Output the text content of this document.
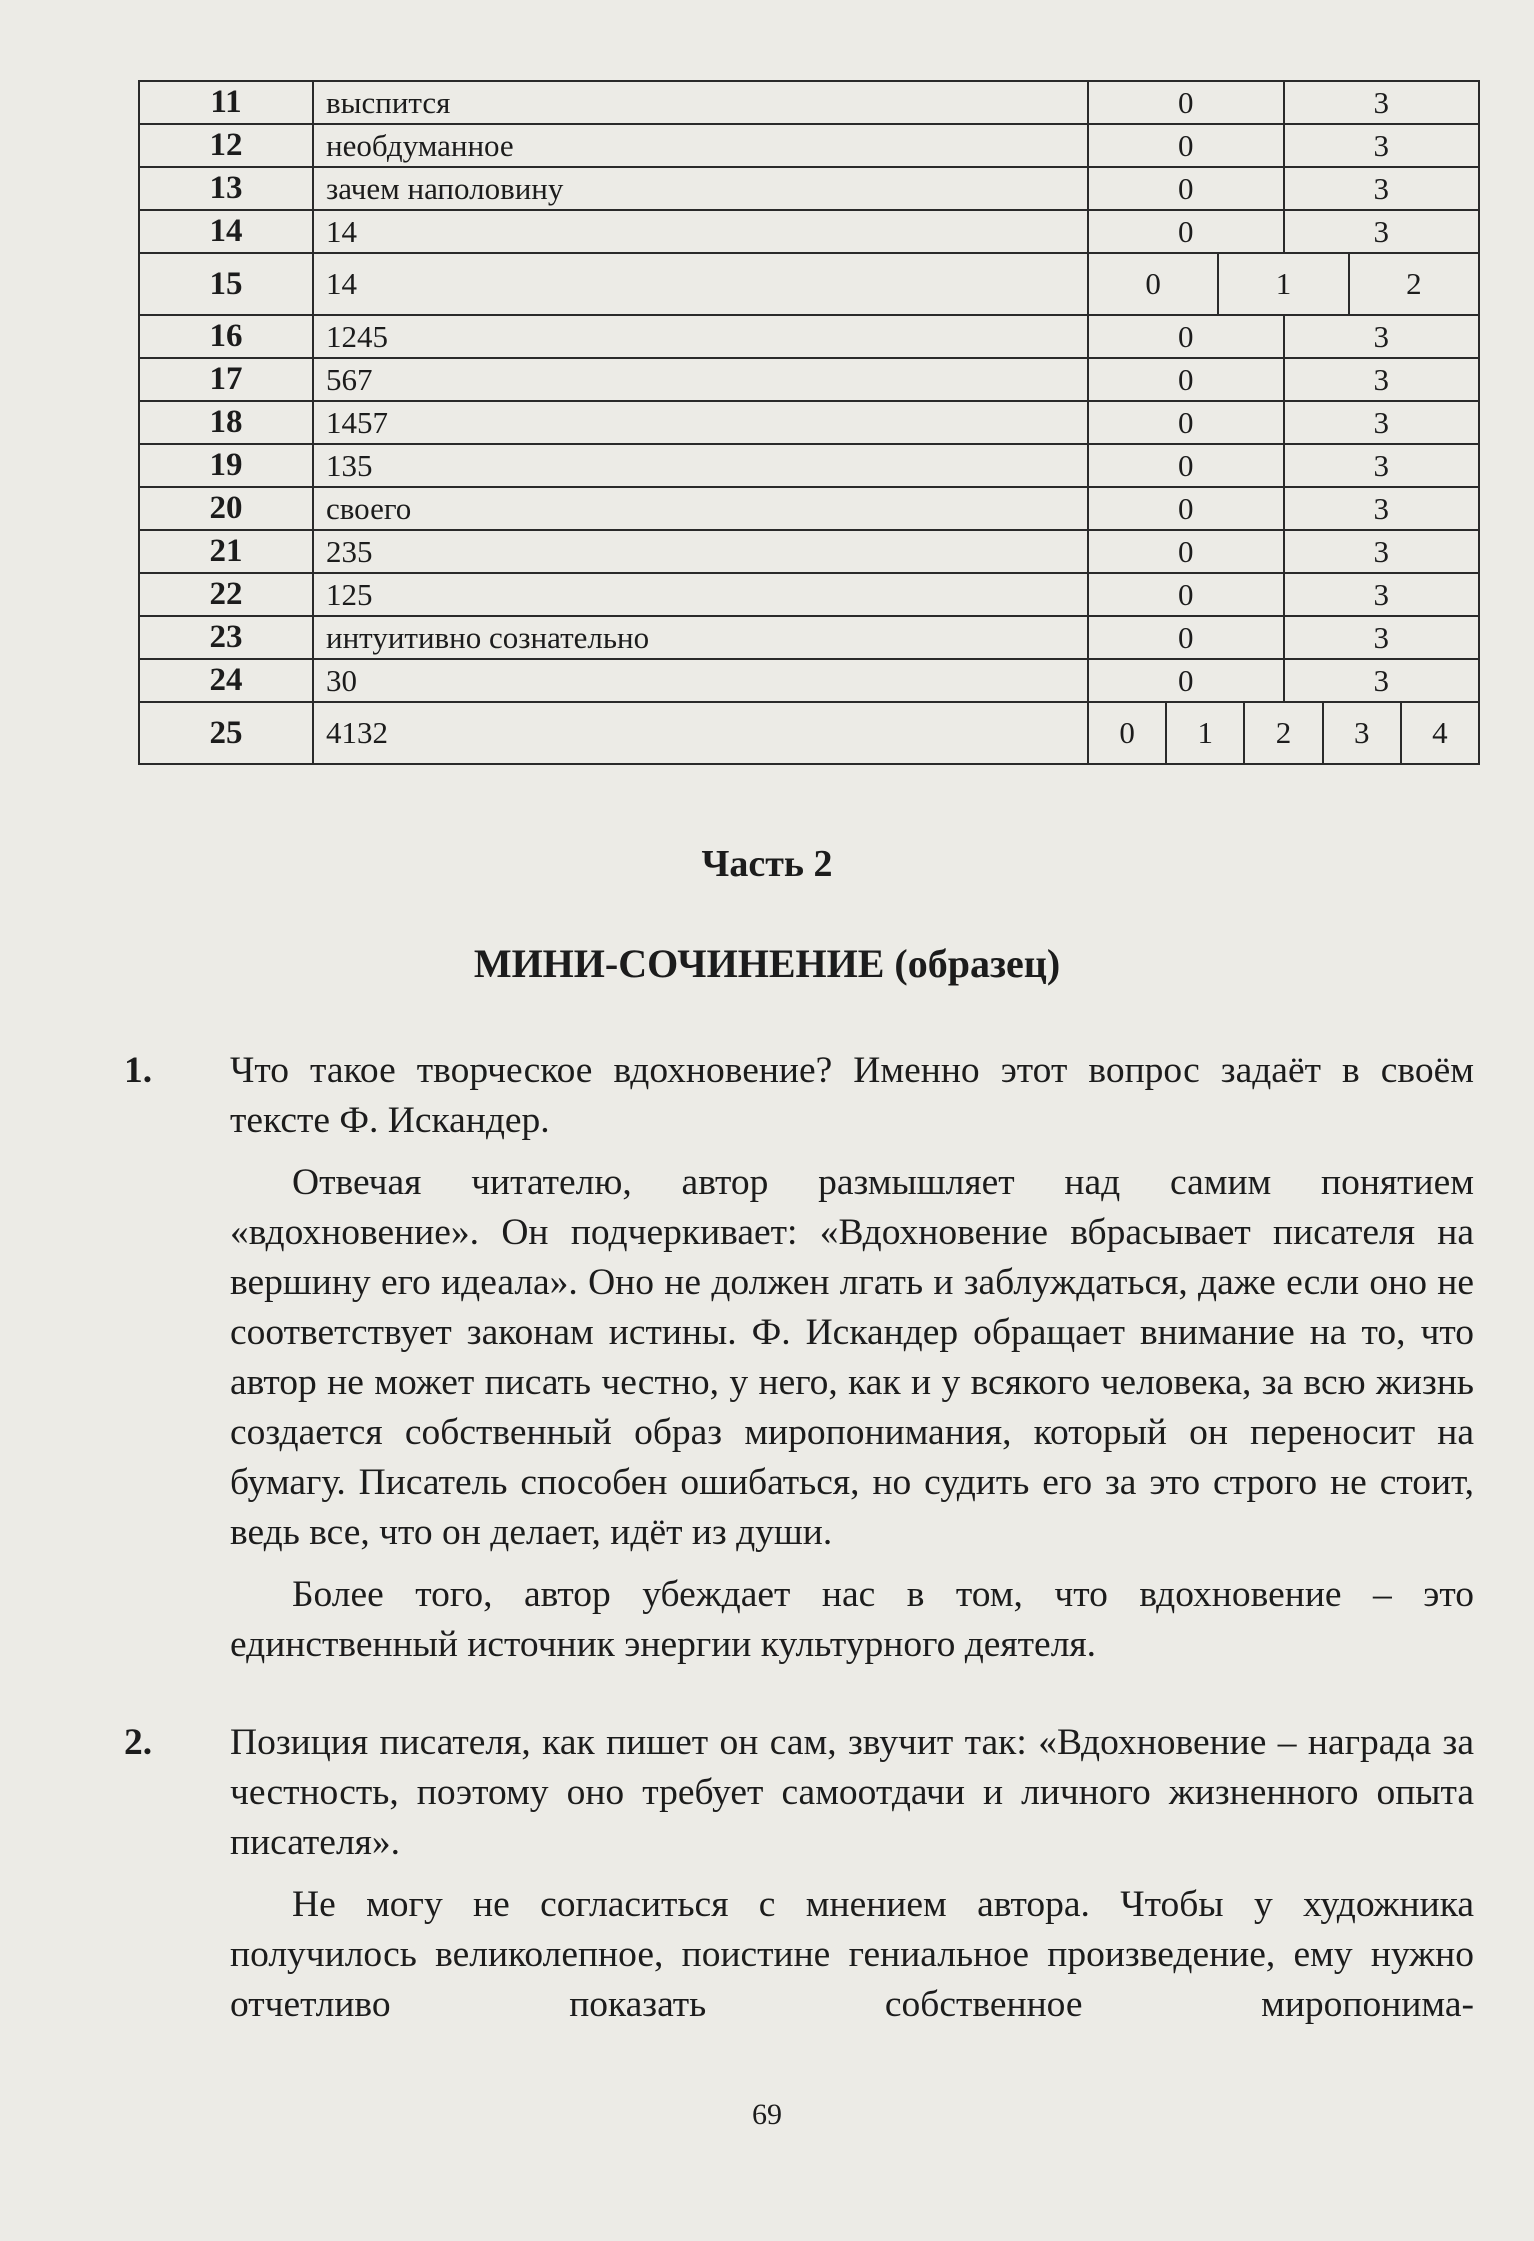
11	выспится	0 3

12	необдуманное	0 3

13	зачем наполовину	0 3

14	14	0 3

15	14	0 1 2

16	1245	0 3

17	567	0 3

18	1457	0 3

19	135	0 3

20	своего	0 3

21	235	0 3

22	125	0 3

23	интуитивно сознательно	0 3

24	30	0 3

25	4132	0 1 2 3 4
Часть 2
МИНИ-СОЧИНЕНИЕ (образец)
1.	Что такое творческое вдохновение? Именно этот вопрос задаёт в своём тексте Ф. Искандер.

Отвечая читателю, автор размышляет над самим понятием «вдохновение». Он подчеркивает: «Вдохновение вбрасывает писателя на вершину его идеала». Оно не должен лгать и заблуждаться, даже если оно не соответствует законам истины. Ф. Искандер обращает внимание на то, что автор не может писать честно, у него, как и у всякого человека, за всю жизнь создается собственный образ миропонимания, который он переносит на бумагу. Писатель способен ошибаться, но судить его за это строго не стоит, ведь все, что он делает, идёт из души.

Более того, автор убеждает нас в том, что вдохновение – это единственный источник энергии культурного деятеля.

2.	Позиция писателя, как пишет он сам, звучит так: «Вдохновение – награда за честность, поэтому оно требует самоотдачи и личного жизненного опыта писателя».

Не могу не согласиться с мнением автора. Чтобы у художника получилось великолепное, поистине гениальное произведение, ему нужно отчетливо показать собственное миропонима-

69
